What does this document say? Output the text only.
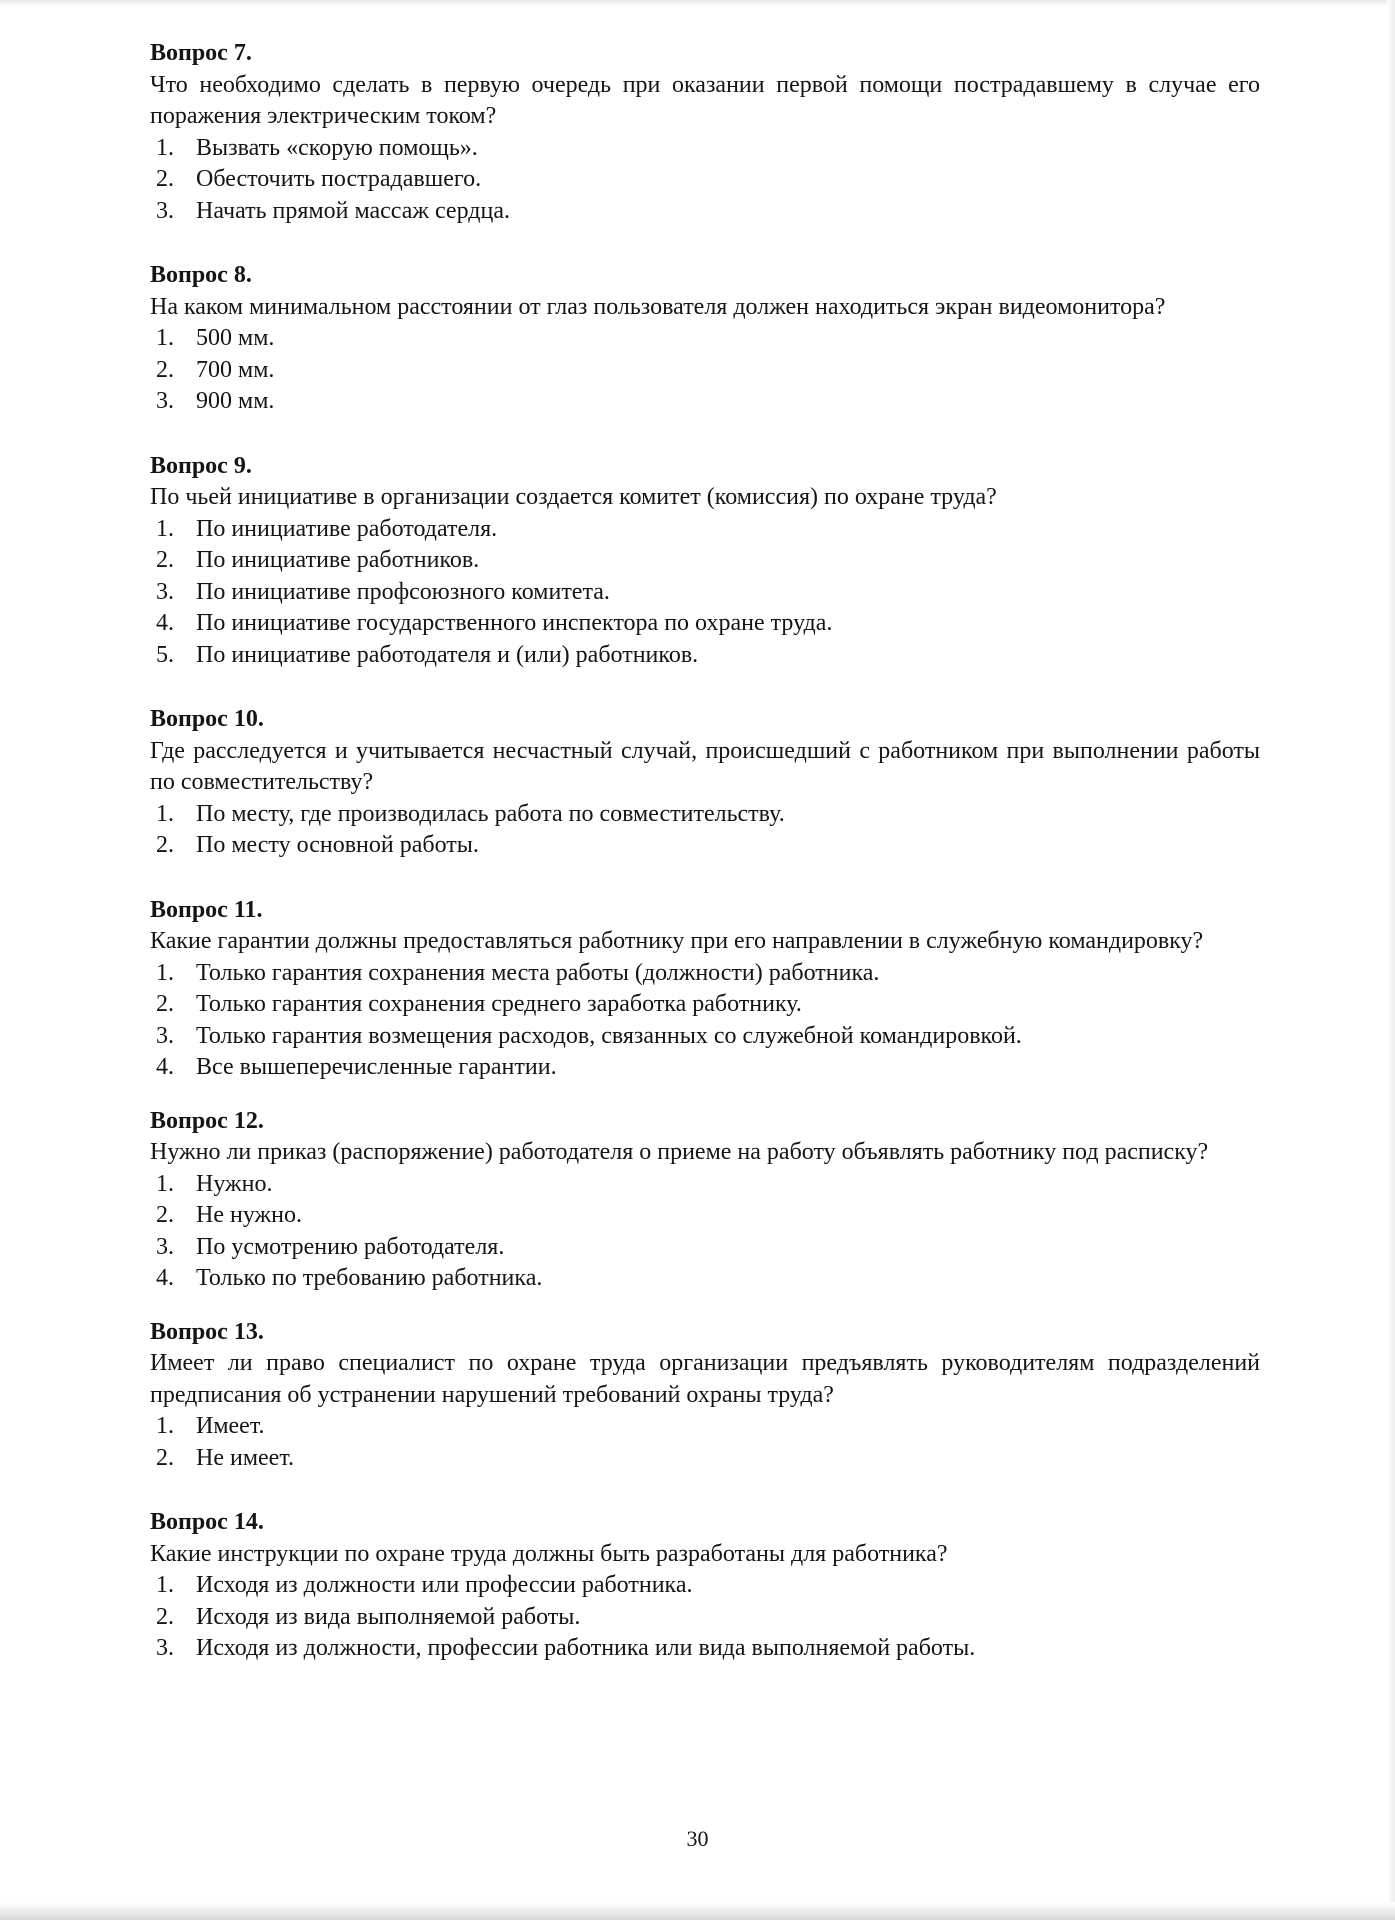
Вопрос 7.

Что необходимо сделать в первую очередь при оказании первой помощи пострадавшему в случае его поражения электрическим током?

1. Вызвать «скорую помощь».
2. Обесточить пострадавшего.
3. Начать прямой массаж сердца.

Вопрос 8.

На каком минимальном расстоянии от глаз пользователя должен находиться экран видеомонитора?

1. 500 мм.
2. 700 мм.
3. 900 мм.

Вопрос 9.

По чьей инициативе в организации создается комитет (комиссия) по охране труда?

1. По инициативе работодателя.
2. По инициативе работников.
3. По инициативе профсоюзного комитета.
4. По инициативе государственного инспектора по охране труда.
5. По инициативе работодателя и (или) работников.

Вопрос 10.

Где расследуется и учитывается несчастный случай, происшедший с работником при выполнении работы по совместительству?

1. По месту, где производилась работа по совместительству.
2. По месту основной работы.

Вопрос 11.

Какие гарантии должны предоставляться работнику при его направлении в служебную командировку?

1. Только гарантия сохранения места работы (должности) работника.
2. Только гарантия сохранения среднего заработка работнику.
3. Только гарантия возмещения расходов, связанных со служебной командировкой.
4. Все вышеперечисленные гарантии.

Вопрос 12.

Нужно ли приказ (распоряжение) работодателя о приеме на работу объявлять работнику под расписку?

1. Нужно.
2. Не нужно.
3. По усмотрению работодателя.
4. Только по требованию работника.

Вопрос 13.

Имеет ли право специалист по охране труда организации предъявлять руководителям подразделений предписания об устранении нарушений требований охраны труда?

1. Имеет.
2. Не имеет.

Вопрос 14.

Какие инструкции по охране труда должны быть разработаны для работника?

1. Исходя из должности или профессии работника.
2. Исходя из вида выполняемой работы.
3. Исходя из должности, профессии работника или вида выполняемой работы.
30
